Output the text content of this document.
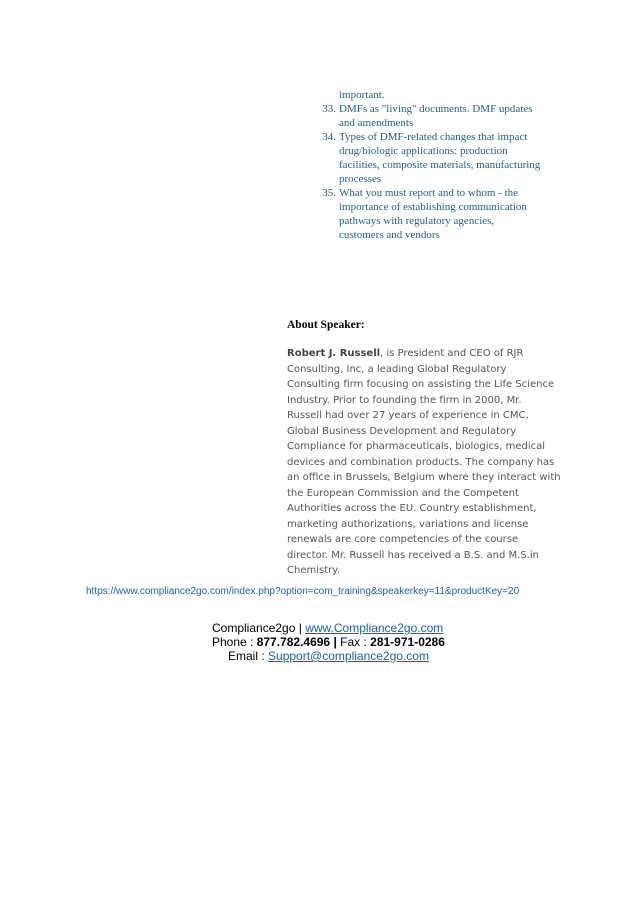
important.
33. DMFs as "living" documents. DMF updates
and amendments
34. Types of DMF-related changes that impact
drug/biologic applications: production
facilities, composite materials, manufacturing
processes
35. What you must report and to whom - the
importance of establishing communication
pathways with regulatory agencies,
customers and vendors
About Speaker:
Robert J. Russell, is President and CEO of RJR
Consulting, Inc, a leading Global Regulatory
Consulting firm focusing on assisting the Life Science
Industry. Prior to founding the firm in 2000, Mr.
Russell had over 27 years of experience in CMC,
Global Business Development and Regulatory
Compliance for pharmaceuticals, biologics, medical
devices and combination products. The company has
an office in Brussels, Belgium where they interact with
the European Commission and the Competent
Authorities across the EU. Country establishment,
marketing authorizations, variations and license
renewals are core competencies of the course
director. Mr. Russell has received a B.S. and M.S.in
Chemistry.
https://www.compliance2go.com/index.php?option=com_training&speakerkey=11&productKey=20
Compliance2go | www.Compliance2go.com
Phone : 877.782.4696 | Fax : 281-971-0286
Email : Support@compliance2go.com
